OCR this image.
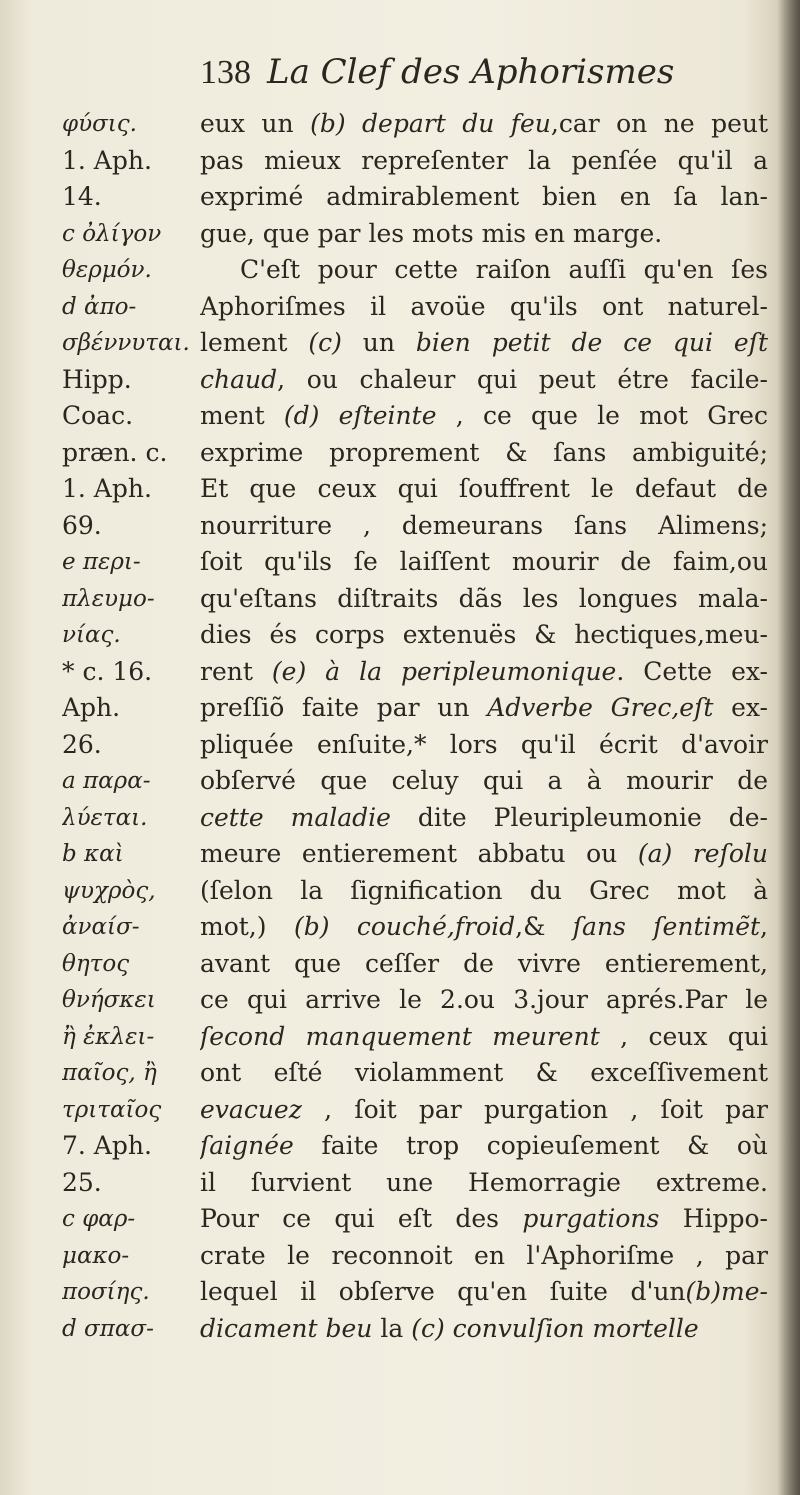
138 La Clef des Aphorismes
φύσις.
1. Aph.
14.
c ὀλίγον
θερμόν.
d ἀπο-
σβέννυται.
Hipp.
Coac.
præn. c.
1. Aph.
69.
e περι-
πλευμο-
νίας.
* c. 16.
Aph.
26.
a παρα-
λύεται.
b καὶ
ψυχρὸς,
ἀναίσ-
θητος
θνήσκει
ἢ ἐκλει-
παῖος, ἢ
τριταῖος
7. Aph.
25.
c φαρ-
μακο-
ποσίης.
d σπασ-
eux un (b) depart du feu,car on ne peut
pas mieux repreſenter la penſée qu'il a
exprimé admirablement bien en ſa lan-
gue, que par les mots mis en marge.
C'eſt pour cette raiſon auſſi qu'en ſes
Aphoriſmes il avoüe qu'ils ont naturel-
lement (c) un bien petit de ce qui eſt
chaud, ou chaleur qui peut étre facile-
ment (d) eſteinte , ce que le mot Grec
exprime proprement & ſans ambiguité;
Et que ceux qui ſouffrent le defaut de
nourriture , demeurans ſans Alimens;
ſoit qu'ils ſe laiſſent mourir de faim,ou
qu'eſtans diſtraits dãs les longues mala-
dies és corps extenuës & hectiques,meu-
rent (e) à la peripleumonique. Cette ex-
preſſiõ faite par un Adverbe Grec,eſt ex-
pliquée enſuite,* lors qu'il écrit d'avoir
obſervé que celuy qui a à mourir de
cette maladie dite Pleuripleumonie de-
meure entierement abbatu ou (a) reſolu
(ſelon la ſignification du Grec mot à
mot,) (b) couché,froid,& ſans ſentimẽt,
avant que ceſſer de vivre entierement,
ce qui arrive le 2.ou 3.jour aprés.Par le
ſecond manquement meurent , ceux qui
ont eſté violamment & exceſſivement
evacuez , ſoit par purgation , ſoit par
ſaignée faite trop copieuſement & où
il ſurvient une Hemorragie extreme.
Pour ce qui eſt des purgations Hippo-
crate le reconnoit en l'Aphoriſme , par
lequel il obſerve qu'en ſuite d'un(b)me-
dicament beu la (c) convulſion mortelle
